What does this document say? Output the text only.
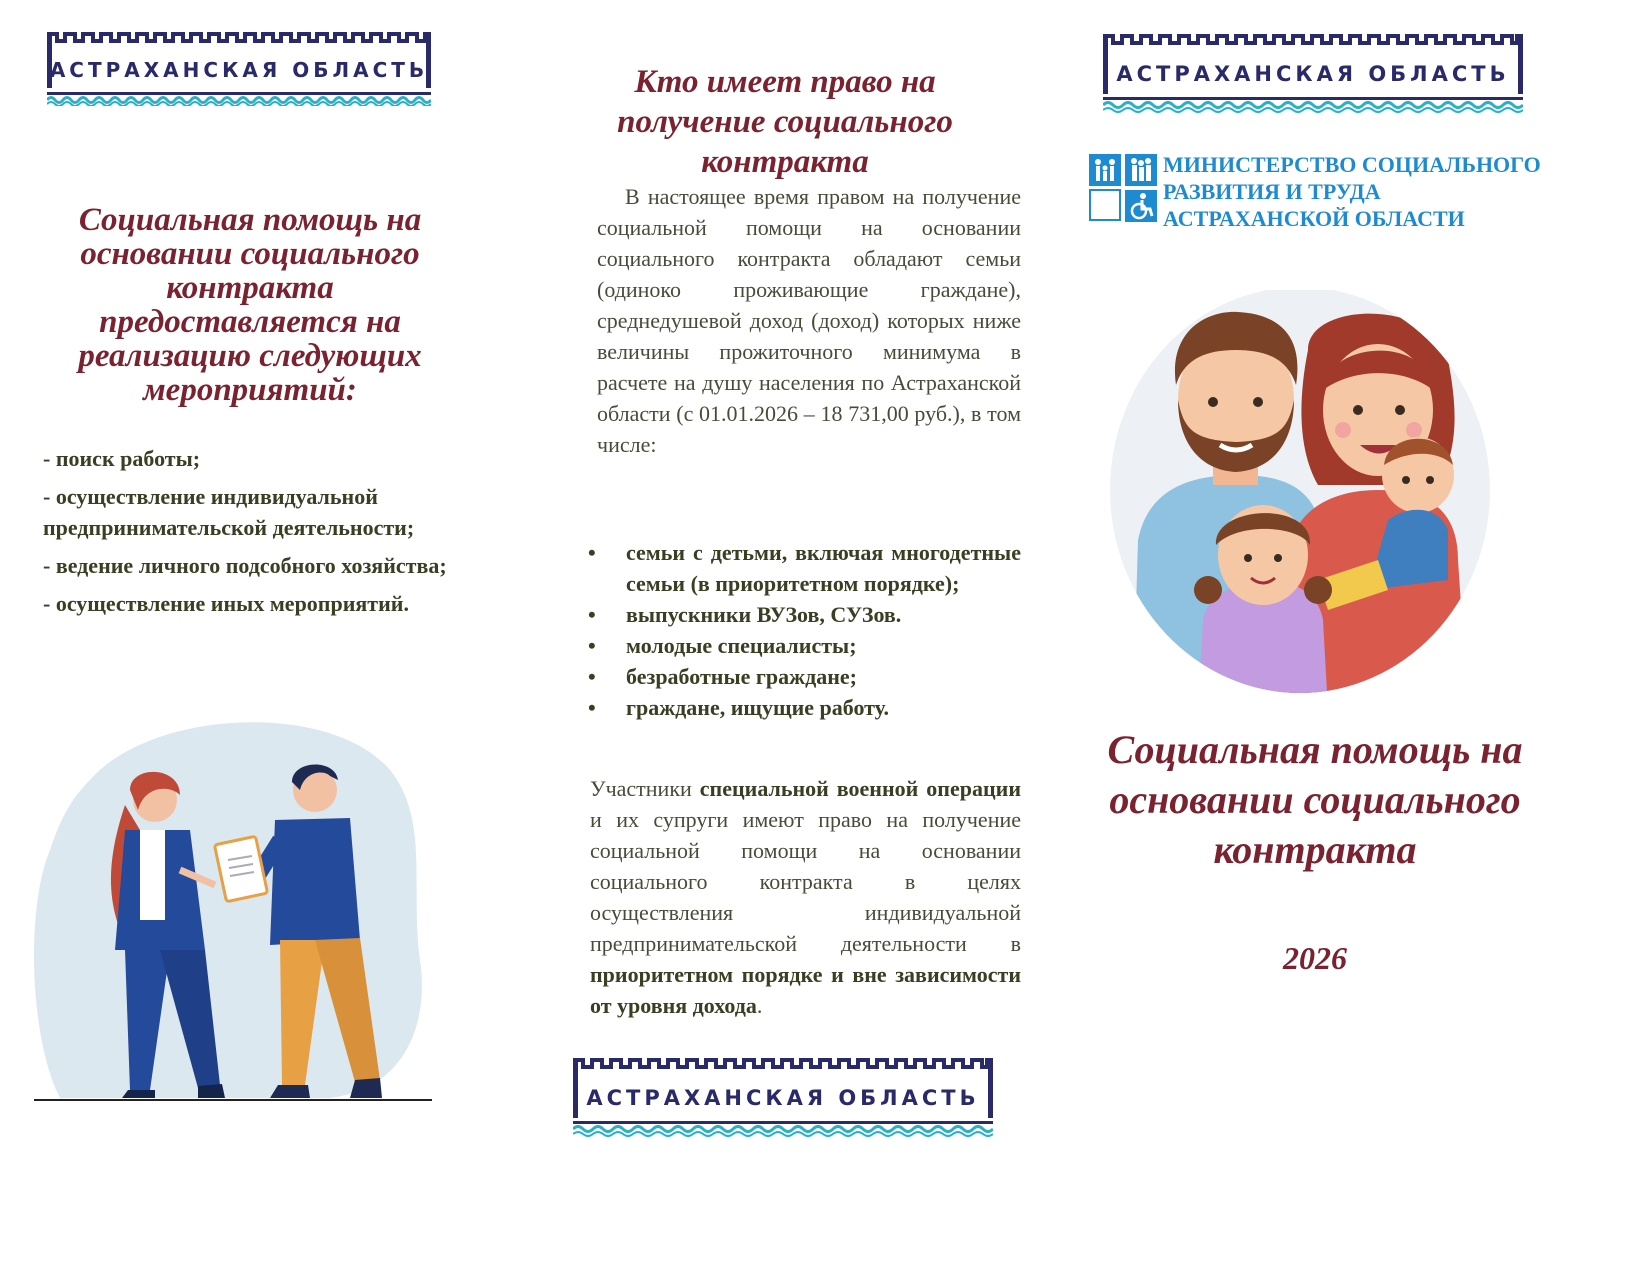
АСТРАХАНСКАЯ ОБЛАСТЬ	АСТРАХАНСКАЯ ОБЛАСТЬ
АСТРАХАНСКАЯ ОБЛАСТЬ
Социальная помощь на основании социального контракта предоставляется на реализацию следующих мероприятий:
- поиск работы;
- осуществление индивидуальной предпринимательской деятельности;
- ведение личного подсобного хозяйства;
- осуществление иных мероприятий.
Кто имеет право на получение социального контракта
В настоящее время правом на получение социальной помощи на основании социального контракта обладают семьи (одиноко проживающие граждане), среднедушевой доход (доход) которых ниже величины прожиточного минимума в расчете на душу населения по Астраханской области (с 01.01.2026 – 18 731,00 руб.), в том числе:
• семьи с детьми, включая многодетные семьи (в приоритетном порядке);
• выпускники ВУЗов, СУЗов.
• молодые специалисты;
• безработные граждане;
• граждане, ищущие работу.
Участники специальной военной операции и их супруги имеют право на получение социальной помощи на основании социального контракта в целях осуществления индивидуальной предпринимательской деятельности в приоритетном порядке и вне зависимости от уровня дохода.
МИНИСТЕРСТВО СОЦИАЛЬНОГО
РАЗВИТИЯ И ТРУДА
АСТРАХАНСКОЙ ОБЛАСТИ
Социальная помощь на основании социального контракта
2026
